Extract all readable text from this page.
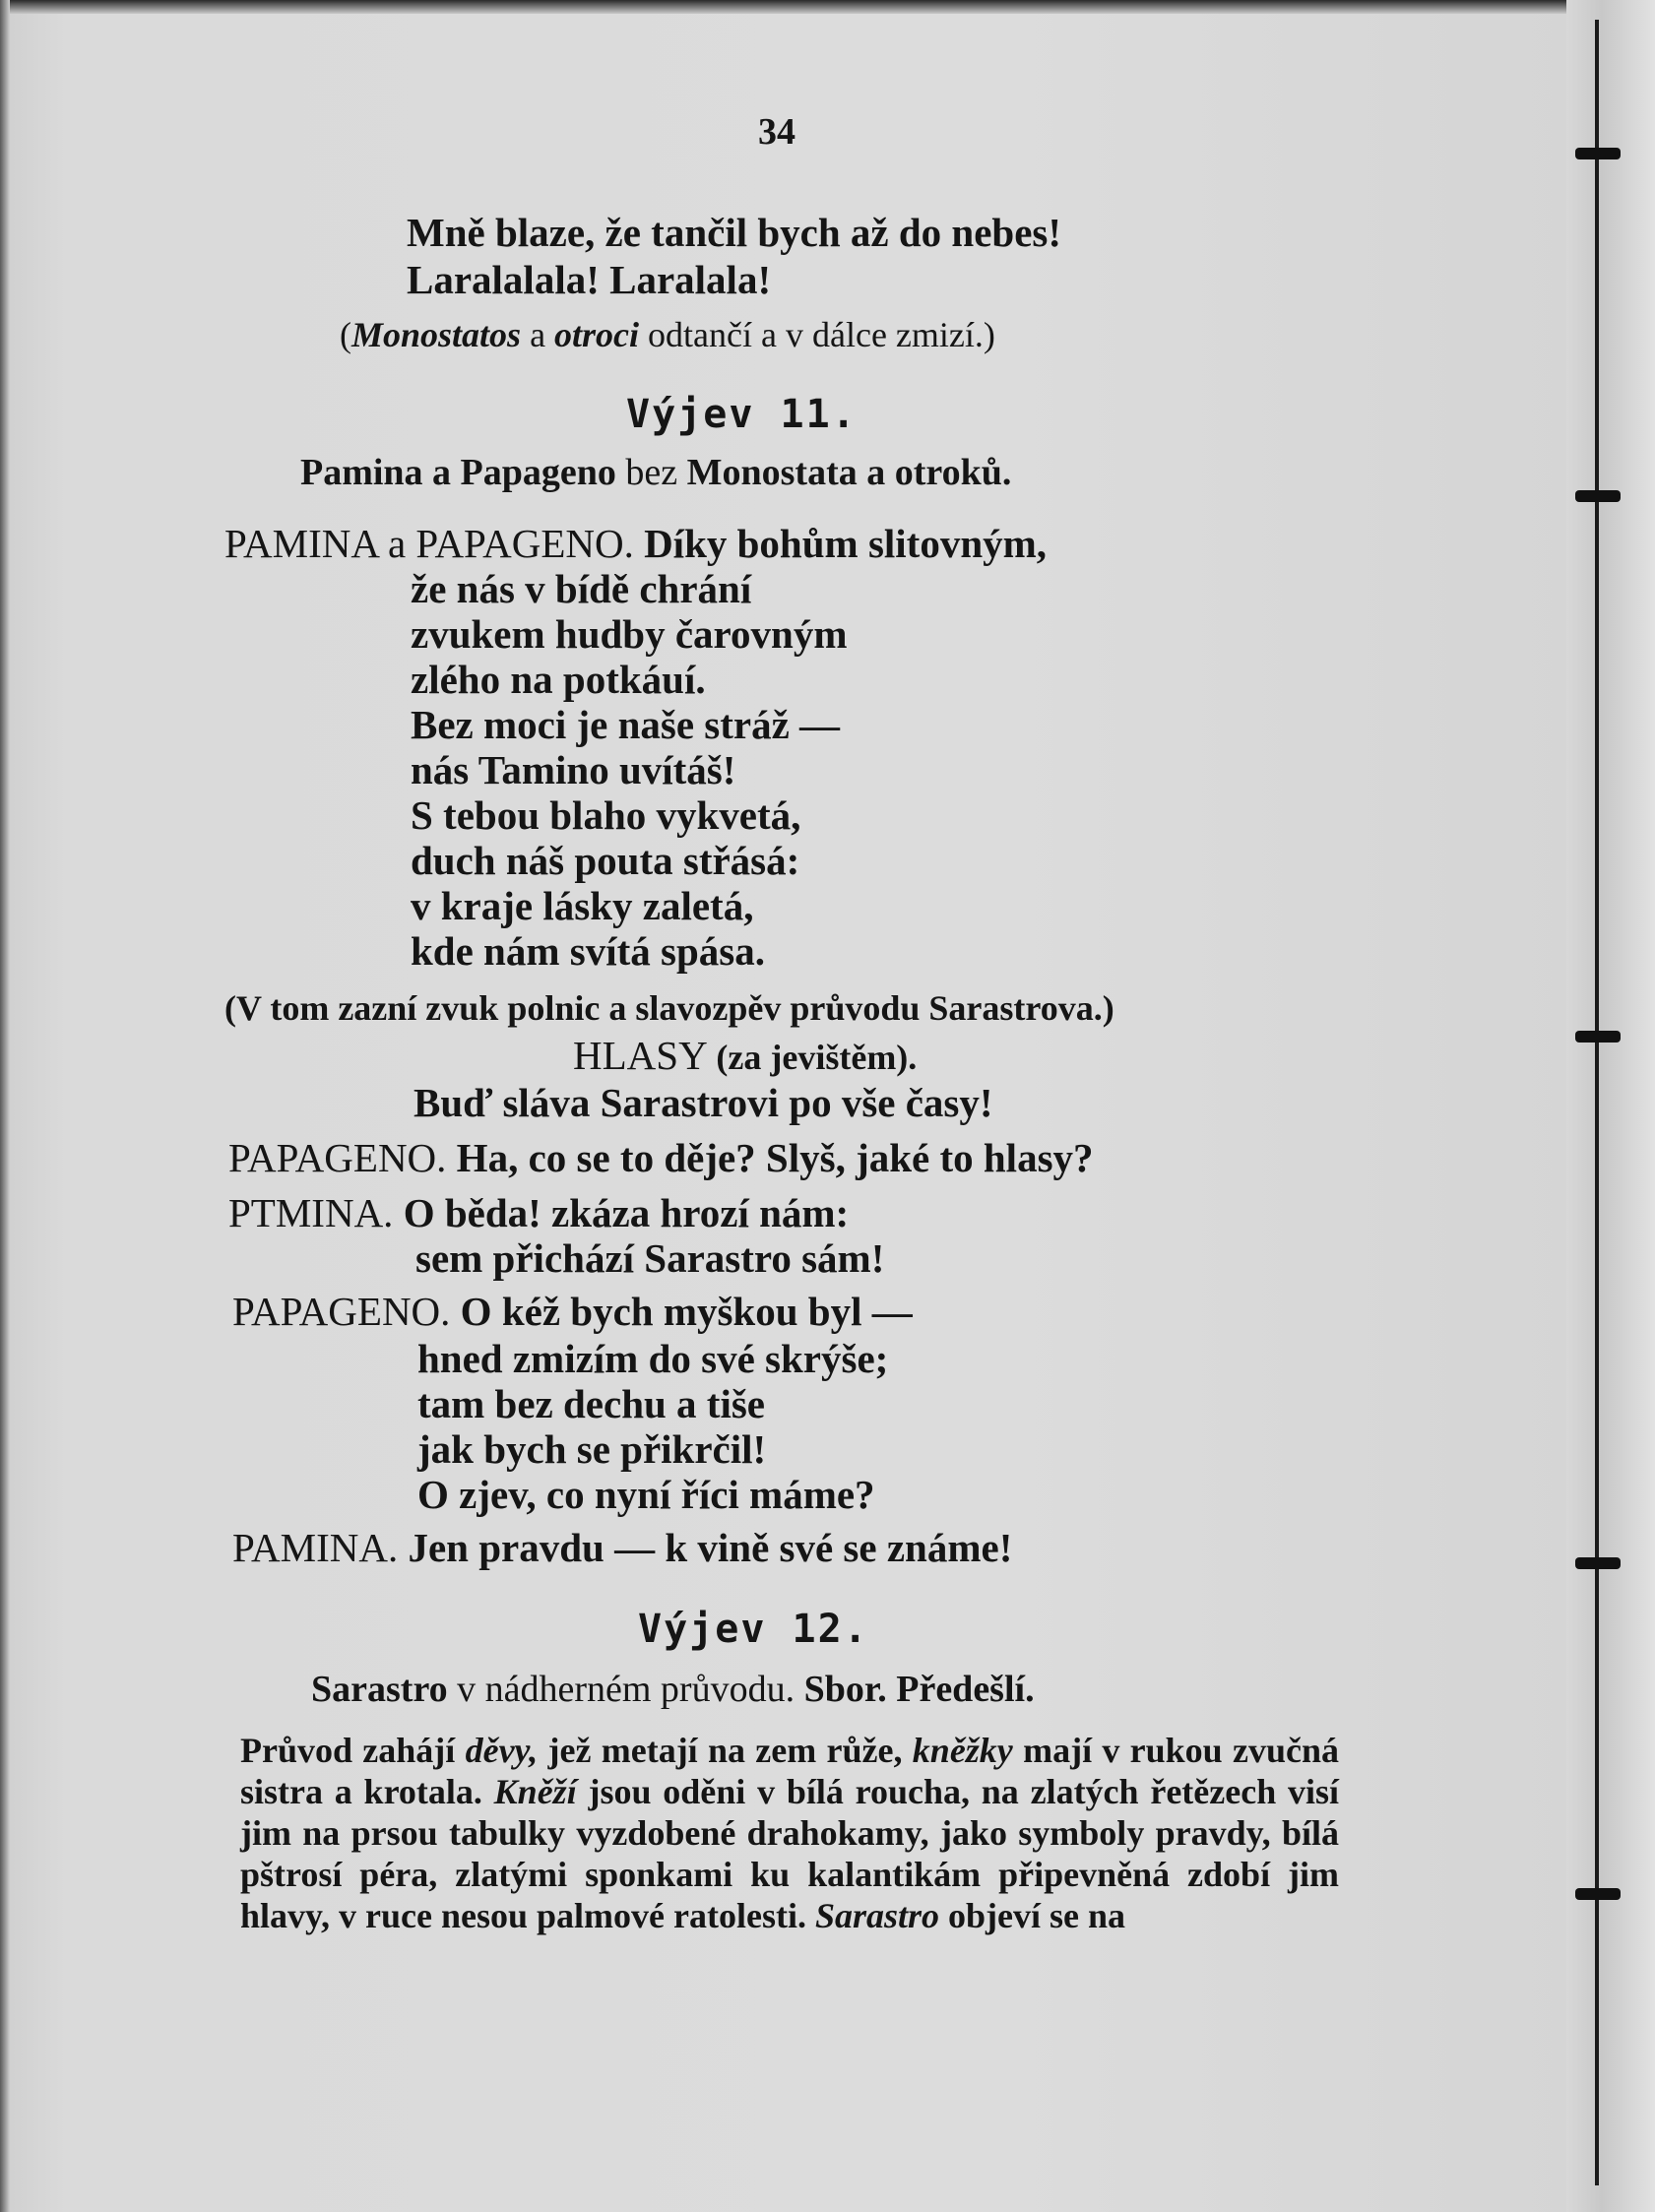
34
Mně blaze, že tančil bych až do nebes!
Laralalala! Laralala!
(Monostatos a otroci odtančí a v dálce zmizí.)
Výjev 11.
Pamina a Papageno bez Monostata a otroků.
PAMINA a PAPAGENO. Díky bohům slitovným,
že nás v bídě chrání
zvukem hudby čarovným
zlého na potkáuí.
Bez moci je naše stráž —
nás Tamino uvítáš!
S tebou blaho vykvetá,
duch náš pouta střásá:
v kraje lásky zaletá,
kde nám svítá spása.
(V tom zazní zvuk polnic a slavozpěv průvodu Sarastrova.)
HLASY (za jevištěm).
Buď sláva Sarastrovi po vše časy!
PAPAGENO. Ha, co se to děje? Slyš, jaké to hlasy?
PTMINA. O běda! zkáza hrozí nám:
sem přichází Sarastro sám!
PAPAGENO. O kéž bych myškou byl —
hned zmizím do své skrýše;
tam bez dechu a tiše
jak bych se přikrčil!
O zjev, co nyní říci máme?
PAMINA. Jen pravdu — k vině své se známe!
Výjev 12.
Sarastro v nádherném průvodu. Sbor. Předešlí.
Průvod zahájí děvy, jež metají na zem růže, kněžky mají v rukou zvučná sistra a krotala. Kněží jsou oděni v bílá roucha, na zlatých řetězech visí jim na prsou tabulky vyzdobené drahokamy, jako symboly pravdy, bílá pštrosí péra, zlatými sponkami ku kalantikám připevněná zdobí jim hlavy, v ruce nesou palmové ratolesti. Sarastro objeví se na
